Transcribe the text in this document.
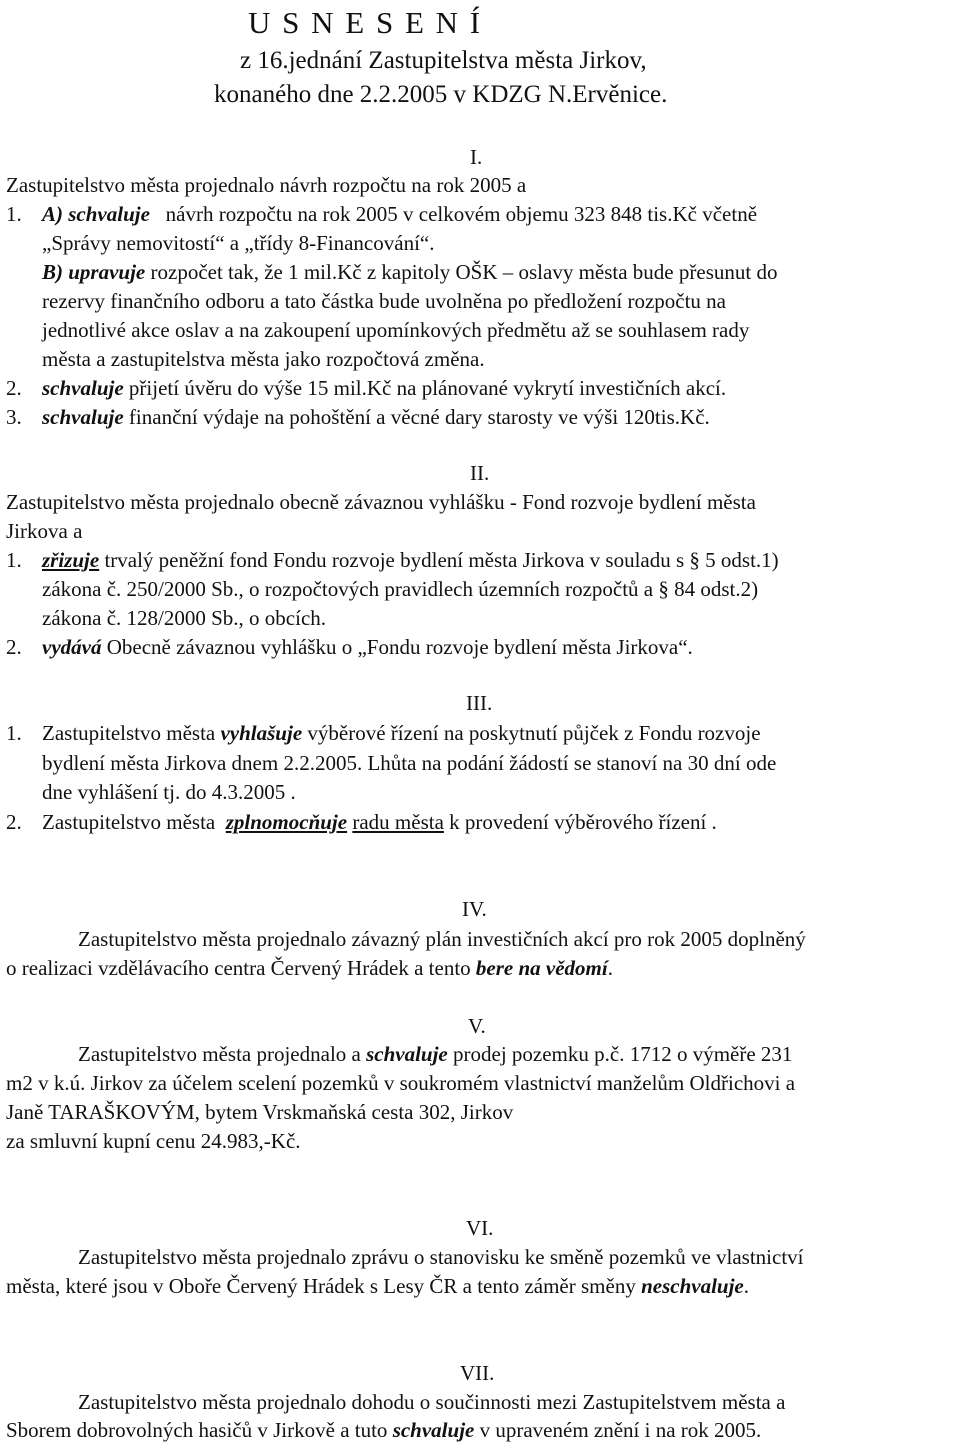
U S N E S E N Í
z 16.jednání Zastupitelstva města Jirkov,
konaného dne 2.2.2005 v KDZG N.Ervěnice.
I.
Zastupitelstvo města projednalo návrh rozpočtu na rok 2005 a
1. A) schvaluje návrh rozpočtu na rok 2005 v celkovém objemu 323 848 tis.Kč včetně
„Správy nemovitostí“ a „třídy 8-Financování“.
B) upravuje rozpočet tak, že 1 mil.Kč z kapitoly OŠK – oslavy města bude přesunut do
rezervy finančního odboru a tato částka bude uvolněna po předložení rozpočtu na
jednotlivé akce oslav a na zakoupení upomínkových předmětu až se souhlasem rady
města a zastupitelstva města jako rozpočtová změna.
2. schvaluje přijetí úvěru do výše 15 mil.Kč na plánované vykrytí investičních akcí.
3. schvaluje finanční výdaje na pohoštění a věcné dary starosty ve výši 120tis.Kč.
II.
Zastupitelstvo města projednalo obecně závaznou vyhlášku - Fond rozvoje bydlení města
Jirkova a
1. zřizuje trvalý peněžní fond Fondu rozvoje bydlení města Jirkova v souladu s § 5 odst.1)
zákona č. 250/2000 Sb., o rozpočtových pravidlech územních rozpočtů a § 84 odst.2)
zákona č. 128/2000 Sb., o obcích.
2. vydává Obecně závaznou vyhlášku o „Fondu rozvoje bydlení města Jirkova“.
III.
1. Zastupitelstvo města vyhlašuje výběrové řízení na poskytnutí půjček z Fondu rozvoje
bydlení města Jirkova dnem 2.2.2005. Lhůta na podání žádostí se stanoví na 30 dní ode
dne vyhlášení tj. do 4.3.2005 .
2. Zastupitelstvo města zplnomocňuje radu města k provedení výběrového řízení .
IV.
Zastupitelstvo města projednalo závazný plán investičních akcí pro rok 2005 doplněný
o realizaci vzdělávacího centra Červený Hrádek a tento bere na vědomí.
V.
Zastupitelstvo města projednalo a schvaluje prodej pozemku p.č. 1712 o výměře 231
m2 v k.ú. Jirkov za účelem scelení pozemků v soukromém vlastnictví manželům Oldřichovi a
Janě TARAŠKOVÝM, bytem Vrskmaňská cesta 302, Jirkov
za smluvní kupní cenu 24.983,-Kč.
VI.
Zastupitelstvo města projednalo zprávu o stanovisku ke směně pozemků ve vlastnictví
města, které jsou v Oboře Červený Hrádek s Lesy ČR a tento záměr směny neschvaluje.
VII.
Zastupitelstvo města projednalo dohodu o součinnosti mezi Zastupitelstvem města a
Sborem dobrovolných hasičů v Jirkově a tuto schvaluje v upraveném znění i na rok 2005.
